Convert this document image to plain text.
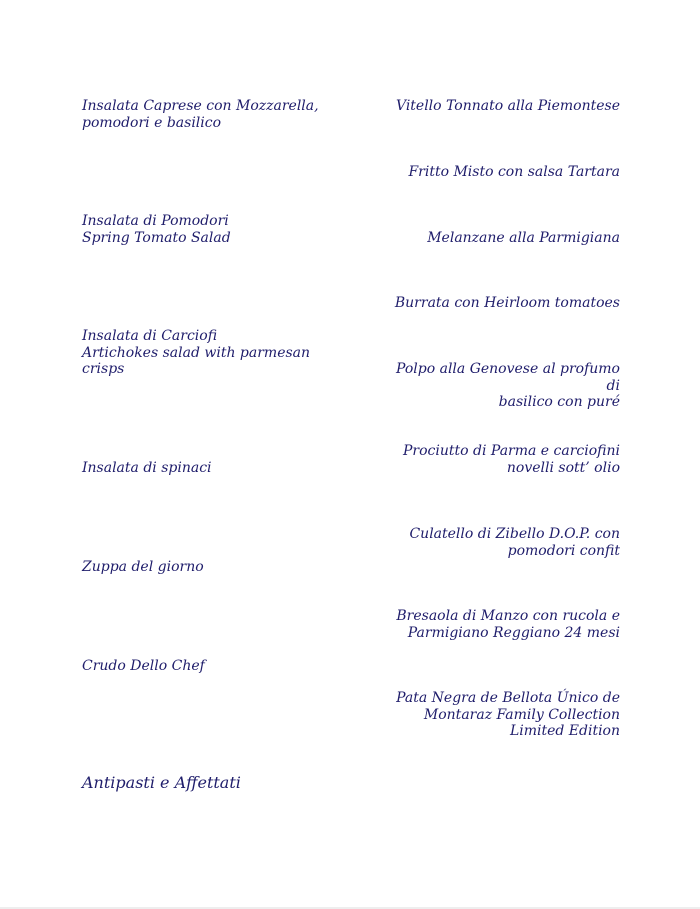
Insalata Caprese con Mozzarella,
pomodori e basilico

Insalata di Pomodori
Spring Tomato Salad

Insalata di Carciofi
Artichokes salad with parmesan
crisps

Insalata di spinaci

Zuppa del giorno

Crudo Dello Chef

Vitello Tonnato alla Piemontese

Fritto Misto con salsa Tartara

Melanzane alla Parmigiana

Burrata con Heirloom tomatoes

Polpo alla Genovese al profumo di
basilico con puré

Prociutto di Parma e carciofini
novelli sott’ olio

Culatello di Zibello D.O.P. con
pomodori confit

Bresaola di Manzo con rucola e
Parmigiano Reggiano 24 mesi

Pata Negra de Bellota Único de
Montaraz Family Collection
Limited Edition

Antipasti e Affettati
